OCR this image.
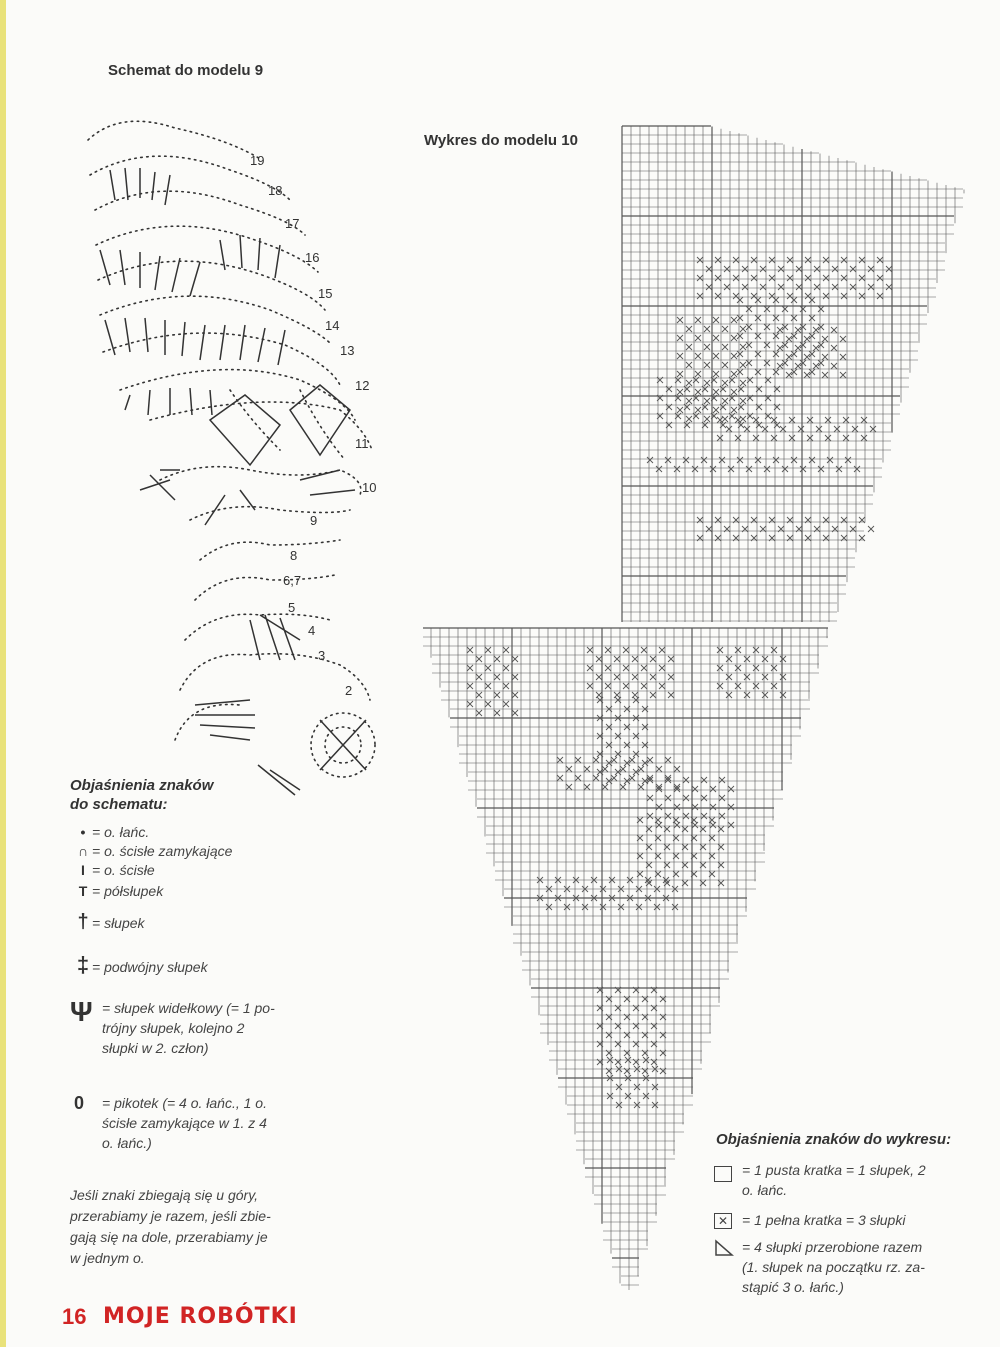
Schemat do modelu 9
Wykres do modelu 10
19
18
17
16
15
14
13
12
11
10
9
8
6,7
5
4
3
2
Objaśnienia znaków
do schematu:
• = o. łańc.
∩ = o. ścisłe zamykające
I = o. ścisłe
T = półsłupek
† = słupek
‡ = podwójny słupek
Ψ = słupek widełkowy (= 1 po-
trójny słupek, kolejno 2
słupki w 2. człon)
0 = pikotek (= 4 o. łańc., 1 o.
ścisłe zamykające w 1. z 4
o. łańc.)
Jeśli znaki zbiegają się u góry,
przerabiamy je razem, jeśli zbie-
gają się na dole, przerabiamy je
w jednym o.
Objaśnienia znaków do wykresu:
= 1 pusta kratka = 1 słupek, 2
o. łańc.
✕ = 1 pełna kratka = 3 słupki
= 4 słupki przerobione razem
(1. słupek na początku rz. za-
stąpić 3 o. łańc.)
16 MOJE ROBÓTKI
